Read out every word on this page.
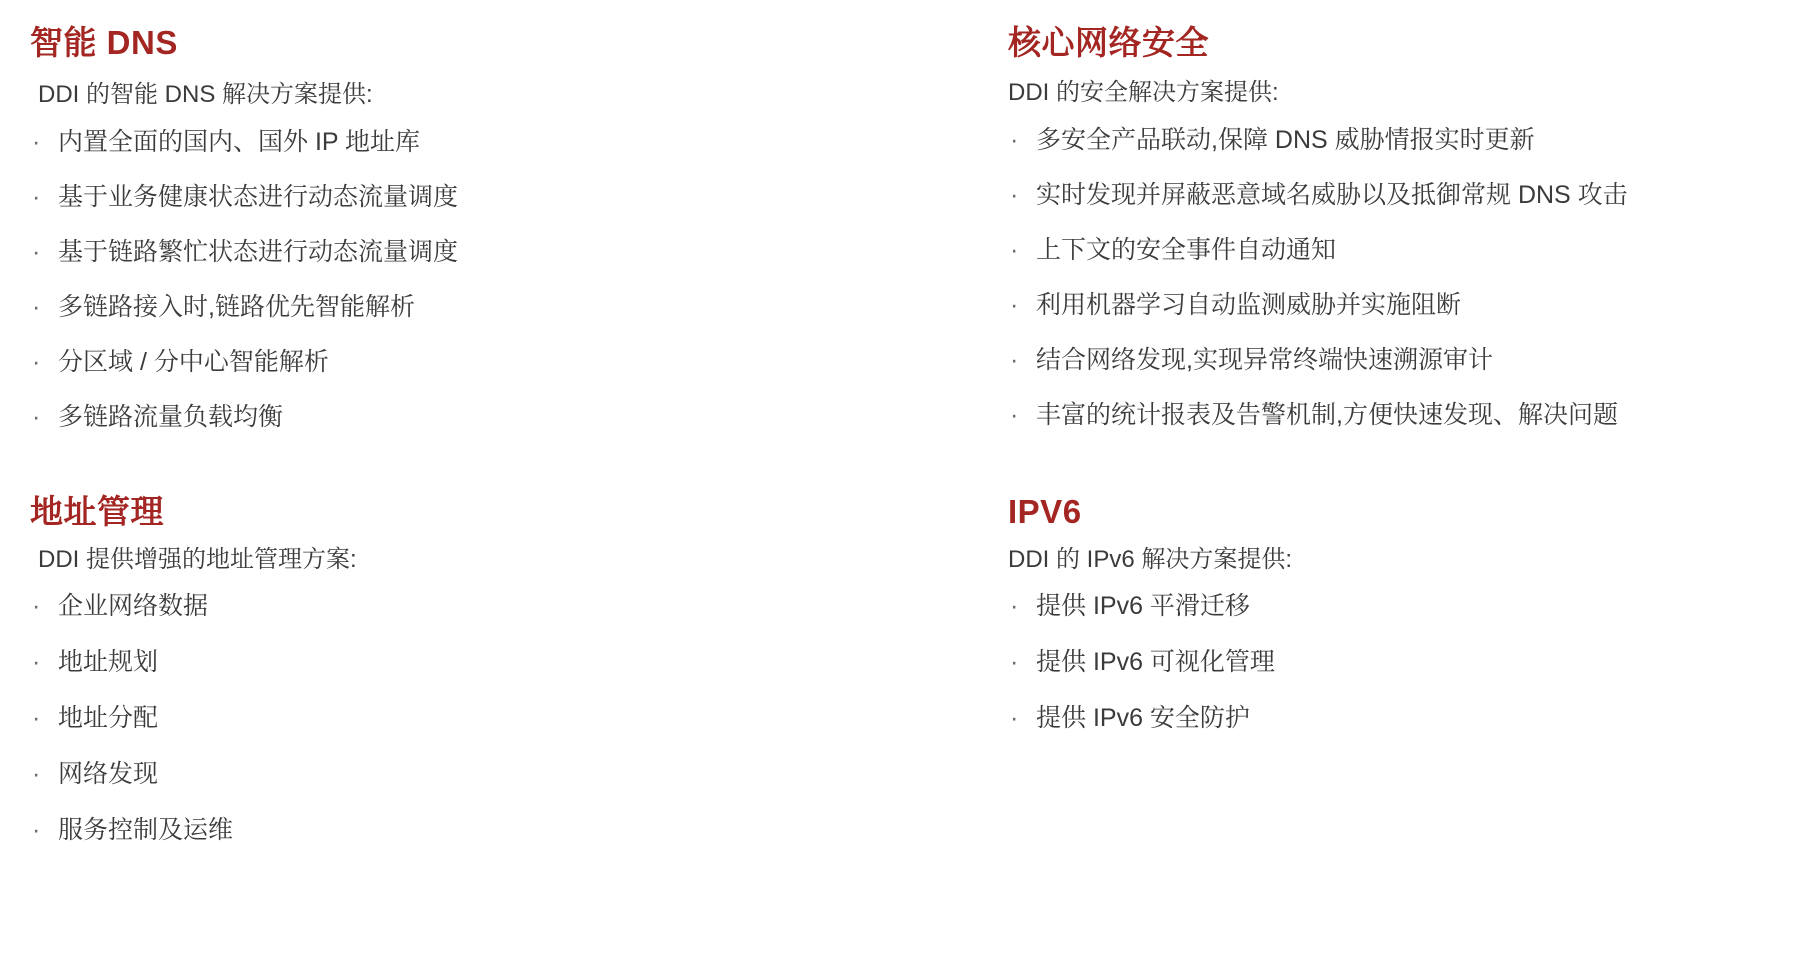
智能 DNS

DDI 的智能 DNS 解决方案提供:

· 内置全面的国内、国外 IP 地址库
· 基于业务健康状态进行动态流量调度
· 基于链路繁忙状态进行动态流量调度
· 多链路接入时,链路优先智能解析
· 分区域 / 分中心智能解析
· 多链路流量负载均衡
核心网络安全

DDI 的安全解决方案提供:

· 多安全产品联动,保障 DNS 威胁情报实时更新
· 实时发现并屏蔽恶意域名威胁以及抵御常规 DNS 攻击
· 上下文的安全事件自动通知
· 利用机器学习自动监测威胁并实施阻断
· 结合网络发现,实现异常终端快速溯源审计
· 丰富的统计报表及告警机制,方便快速发现、解决问题
地址管理

DDI 提供增强的地址管理方案:

· 企业网络数据
· 地址规划
· 地址分配
· 网络发现
· 服务控制及运维
IPV6

DDI 的 IPv6 解决方案提供:

· 提供 IPv6 平滑迁移
· 提供 IPv6 可视化管理
· 提供 IPv6 安全防护
